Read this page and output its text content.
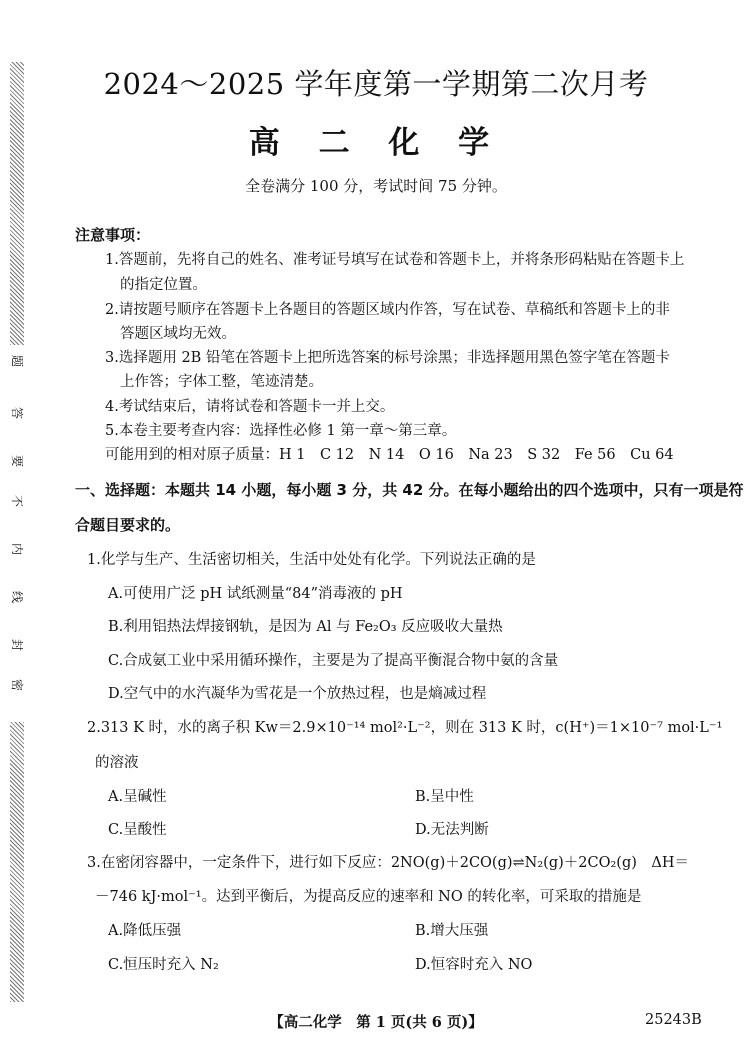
题
答
要
不
内
线
封
密
2024～2025 学年度第一学期第二次月考
高 二 化 学
全卷满分 100 分，考试时间 75 分钟。
注意事项：
1.答题前，先将自己的姓名、准考证号填写在试卷和答题卡上，并将条形码粘贴在答题卡上
的指定位置。
2.请按题号顺序在答题卡上各题目的答题区域内作答，写在试卷、草稿纸和答题卡上的非
答题区域均无效。
3.选择题用 2B 铅笔在答题卡上把所选答案的标号涂黑；非选择题用黑色签字笔在答题卡
上作答；字体工整，笔迹清楚。
4.考试结束后，请将试卷和答题卡一并上交。
5.本卷主要考查内容：选择性必修 1 第一章～第三章。
可能用到的相对原子质量：H 1　C 12　N 14　O 16　Na 23　S 32　Fe 56　Cu 64
一、选择题：本题共 14 小题，每小题 3 分，共 42 分。在每小题给出的四个选项中，只有一项是符
合题目要求的。
1.化学与生产、生活密切相关，生活中处处有化学。下列说法正确的是
A.可使用广泛 pH 试纸测量“84”消毒液的 pH
B.利用铝热法焊接钢轨，是因为 Al 与 Fe₂O₃ 反应吸收大量热
C.合成氨工业中采用循环操作，主要是为了提高平衡混合物中氨的含量
D.空气中的水汽凝华为雪花是一个放热过程，也是熵减过程
2.313 K 时，水的离子积 Kw＝2.9×10⁻¹⁴ mol²·L⁻²，则在 313 K 时，c(H⁺)＝1×10⁻⁷ mol·L⁻¹
的溶液
A.呈碱性	B.呈中性
C.呈酸性	D.无法判断
3.在密闭容器中，一定条件下，进行如下反应：2NO(g)＋2CO(g)⇌N₂(g)＋2CO₂(g)　ΔH＝
－746 kJ·mol⁻¹。达到平衡后，为提高反应的速率和 NO 的转化率，可采取的措施是
A.降低压强	B.增大压强
C.恒压时充入 N₂	D.恒容时充入 NO
【高二化学　第 1 页(共 6 页)】	25243B
